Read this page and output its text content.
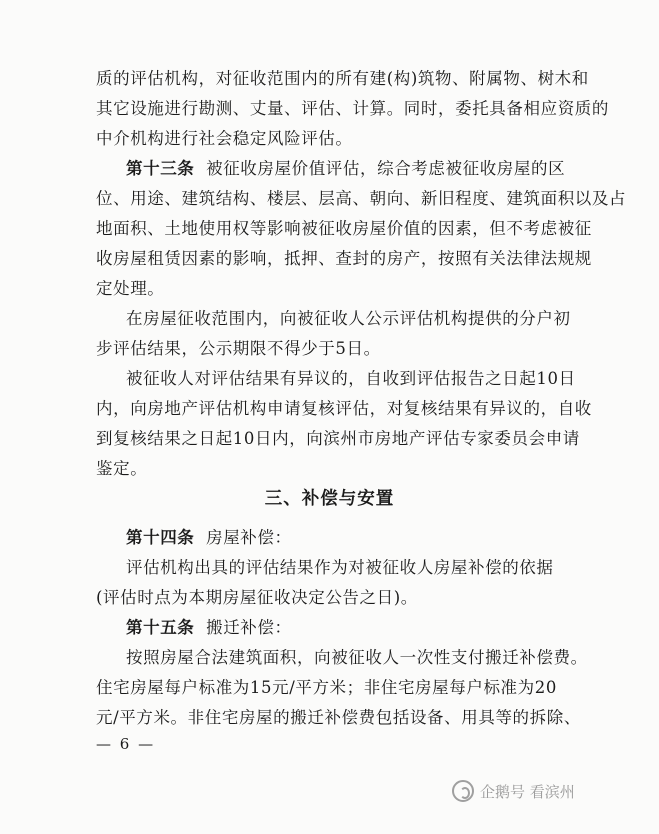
质的评估机构，对征收范围内的所有建(构)筑物、附属物、树木和
其它设施进行勘测、丈量、评估、计算。同时，委托具备相应资质的
中介机构进行社会稳定风险评估。
第十三条 被征收房屋价值评估，综合考虑被征收房屋的区
位、用途、建筑结构、楼层、层高、朝向、新旧程度、建筑面积以及占
地面积、土地使用权等影响被征收房屋价值的因素，但不考虑被征
收房屋租赁因素的影响，抵押、查封的房产，按照有关法律法规规
定处理。
在房屋征收范围内，向被征收人公示评估机构提供的分户初
步评估结果，公示期限不得少于5日。
被征收人对评估结果有异议的，自收到评估报告之日起10日
内，向房地产评估机构申请复核评估，对复核结果有异议的，自收
到复核结果之日起10日内，向滨州市房地产评估专家委员会申请
鉴定。
三、补偿与安置
第十四条 房屋补偿：
评估机构出具的评估结果作为对被征收人房屋补偿的依据
(评估时点为本期房屋征收决定公告之日)。
第十五条 搬迁补偿：
按照房屋合法建筑面积，向被征收人一次性支付搬迁补偿费。
住宅房屋每户标准为15元/平方米；非住宅房屋每户标准为20
元/平方米。非住宅房屋的搬迁补偿费包括设备、用具等的拆除、
— 6 —
企鹅号 看滨州
